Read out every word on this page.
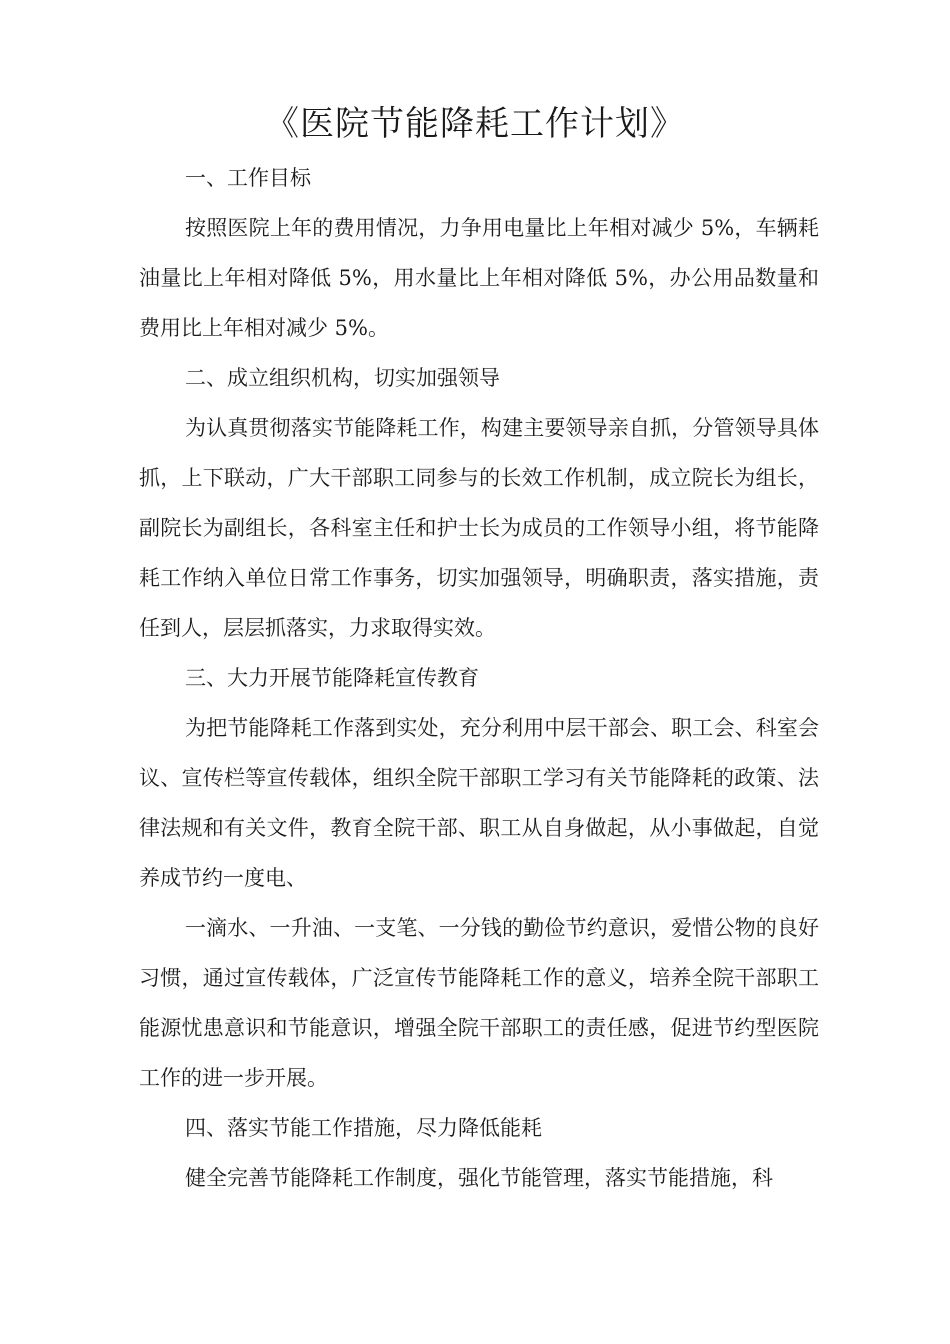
《医院节能降耗工作计划》

一、工作目标

按照医院上年的费用情况，力争用电量比上年相对减少 5%，车辆耗油量比上年相对降低 5%，用水量比上年相对降低 5%，办公用品数量和费用比上年相对减少 5%。

二、成立组织机构，切实加强领导

为认真贯彻落实节能降耗工作，构建主要领导亲自抓，分管领导具体抓，上下联动，广大干部职工同参与的长效工作机制，成立院长为组长，副院长为副组长，各科室主任和护士长为成员的工作领导小组，将节能降耗工作纳入单位日常工作事务，切实加强领导，明确职责，落实措施，责任到人，层层抓落实，力求取得实效。

三、大力开展节能降耗宣传教育

为把节能降耗工作落到实处，充分利用中层干部会、职工会、科室会议、宣传栏等宣传载体，组织全院干部职工学习有关节能降耗的政策、法律法规和有关文件，教育全院干部、职工从自身做起，从小事做起，自觉养成节约一度电、

一滴水、一升油、一支笔、一分钱的勤俭节约意识，爱惜公物的良好习惯，通过宣传载体，广泛宣传节能降耗工作的意义，培养全院干部职工能源忧患意识和节能意识，增强全院干部职工的责任感，促进节约型医院工作的进一步开展。

四、落实节能工作措施，尽力降低能耗

健全完善节能降耗工作制度，强化节能管理，落实节能措施，科
